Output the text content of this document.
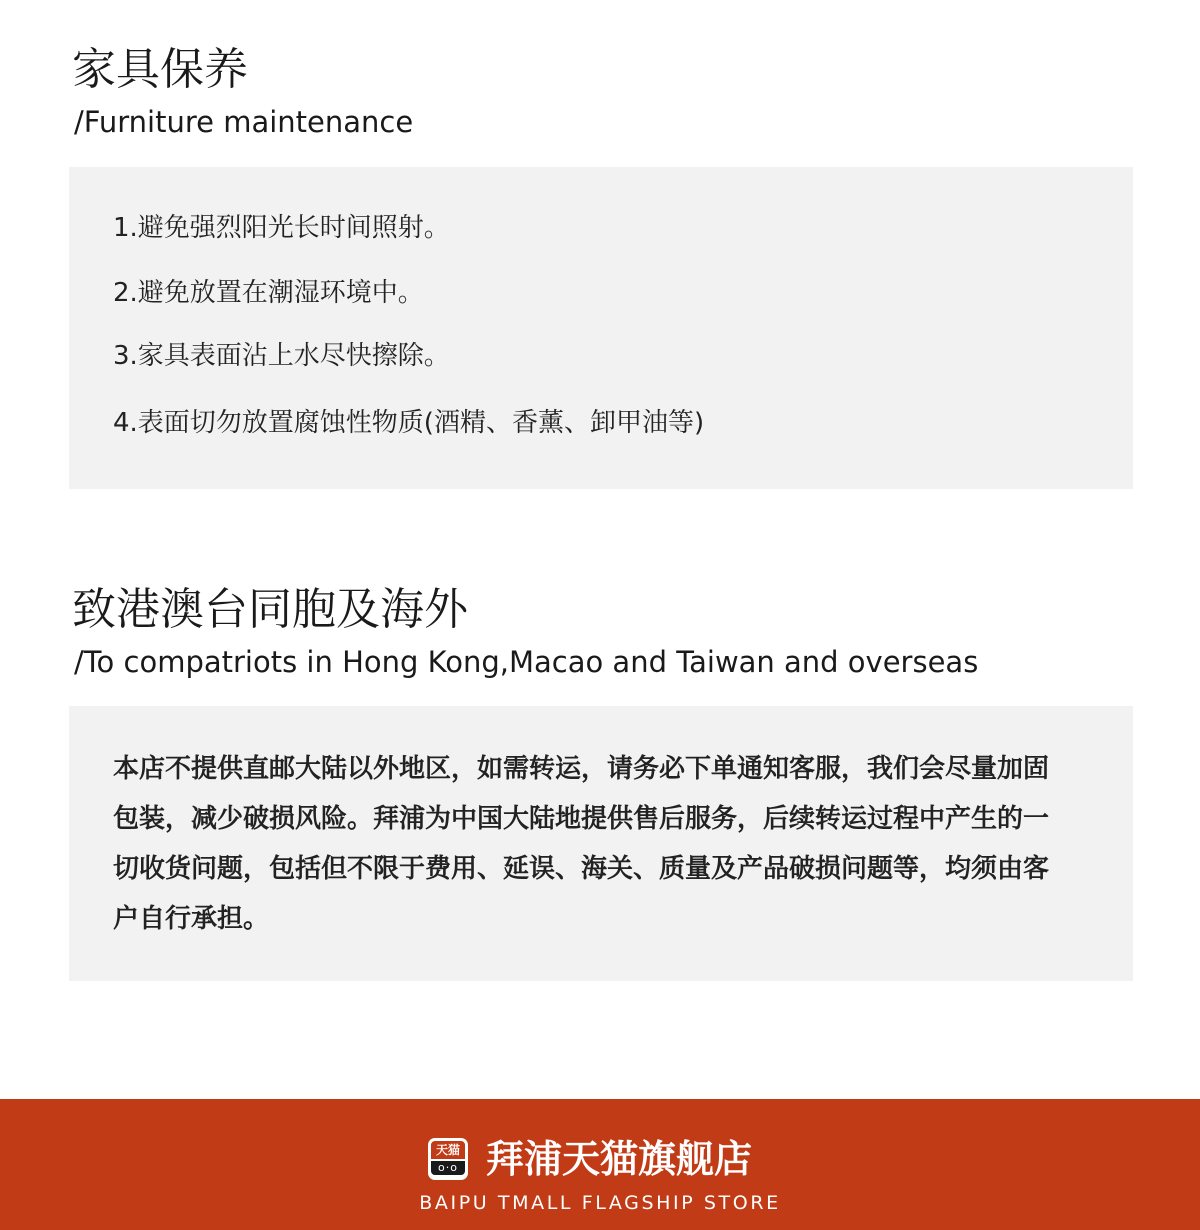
家具保养
/Furniture maintenance
1.避免强烈阳光长时间照射。
2.避免放置在潮湿环境中。
3.家具表面沾上水尽快擦除。
4.表面切勿放置腐蚀性物质(酒精、香薰、卸甲油等)
致港澳台同胞及海外
/To compatriots in Hong Kong,Macao and Taiwan and overseas

本店不提供直邮大陆以外地区，如需转运，请务必下单通知客服，我们会尽量加固包装，减少破损风险。拜浦为中国大陆地提供售后服务，后续转运过程中产生的一切收货问题，包括但不限于费用、延误、海关、质量及产品破损问题等，均须由客户自行承担。

天猫
o·o 拜浦天猫旗舰店
BAIPU TMALL FLAGSHIP STORE
